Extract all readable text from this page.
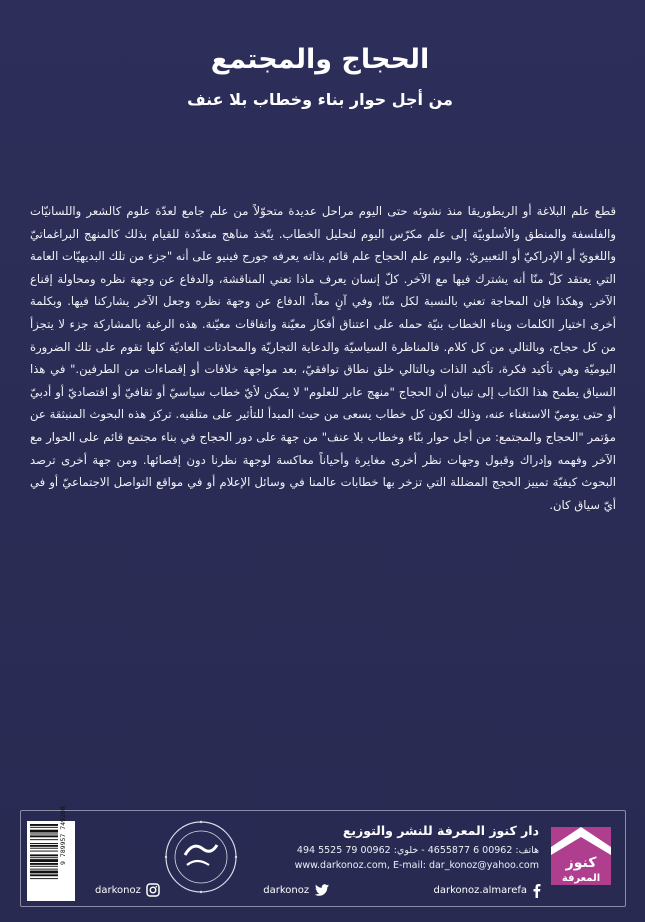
الحجاج والمجتمع
من أجل حوار بناء وخطاب بلا عنف

قطع علم البلاغة أو الريطوريقا منذ نشوئه حتى اليوم مراحل عديدة متحوّلاً من علم جامع لعدّة علوم كالشعر واللسانيّات والفلسفة والمنطق والأسلوبيّة إلى علم مكرّس اليوم لتحليل الخطاب. يتّخذ مناهج متعدّدة للقيام بذلك كالمنهج البراغماتيّ واللغويّ أو الإدراكيّ أو التعبيريّ. واليوم علم الحجاج علم قائم بذاته يعرفه جورج فينيو على أنه "جزء من تلك البديهيّات العامة التي يعتقد كلّ منّا أنه يشترك فيها مع الآخر. كلّ إنسان يعرف ماذا تعني المناقشة، والدفاع عن وجهة نظره ومحاولة إقناع الآخر. وهكذا فإن المحاجة تعني بالنسبة لكل منّا، وفي آنٍ معاً، الدفاع عن وجهة نظره وجعل الآخر يشاركنا فيها. وبكلمة أخرى اختيار الكلمات وبناء الخطاب بنيّة حمله على اعتناق أفكار معيّنة واتفاقات معيّنة. هذه الرغبة بالمشاركة جزء لا يتجزأ من كل حجاج، وبالتالي من كل كلام. فالمناظرة السياسيّة والدعاية التجاريّة والمحادثات العاديّة كلها تقوم على تلك الضرورة اليوميّة وهي تأكيد فكرة، تأكيد الذات وبالتالي خلق نطاق توافقيّ، بعد مواجهة خلافات أو إقصاءات من الطرفين." في هذا السياق يطمح هذا الكتاب إلى تبيان أن الحجاج "منهج عابر للعلوم" لا يمكن لأيّ خطاب سياسيّ أو ثقافيّ أو اقتصاديّ أو أدبيّ أو حتى يوميّ الاستغناء عنه، وذلك لكون كل خطاب يسعى من حيث المبدأ للتأثير على متلقيه. تركز هذه البحوث المنبثقة عن مؤتمر "الحجاج والمجتمع: من أجل حوار بنّاء وخطاب بلا عنف" من جهة على دور الحجاج في بناء مجتمع قائم على الحوار مع الآخر وفهمه وإدراك وقبول وجهات نظر أخرى مغايرة وأحياناً معاكسة لوجهة نظرنا دون إقصائها. ومن جهة أخرى ترصد البحوث كيفيّة تمييز الحجج المضللة التي تزخر بها خطابات عالمنا في وسائل الإعلام أو في مواقع التواصل الاجتماعيّ أو في أيّ سياق كان.

كنوز
المعرفة
دار كنوز المعرفة للنشر والتوزيع
هاتف: 00962 6 4655877 - خلوي: 00962 79 5525 494
www.darkonoz.com, E-mail: dar_konoz@yahoo.com
darkonoz	darkonoz	darkonoz.almarefa
9 789957 749200
